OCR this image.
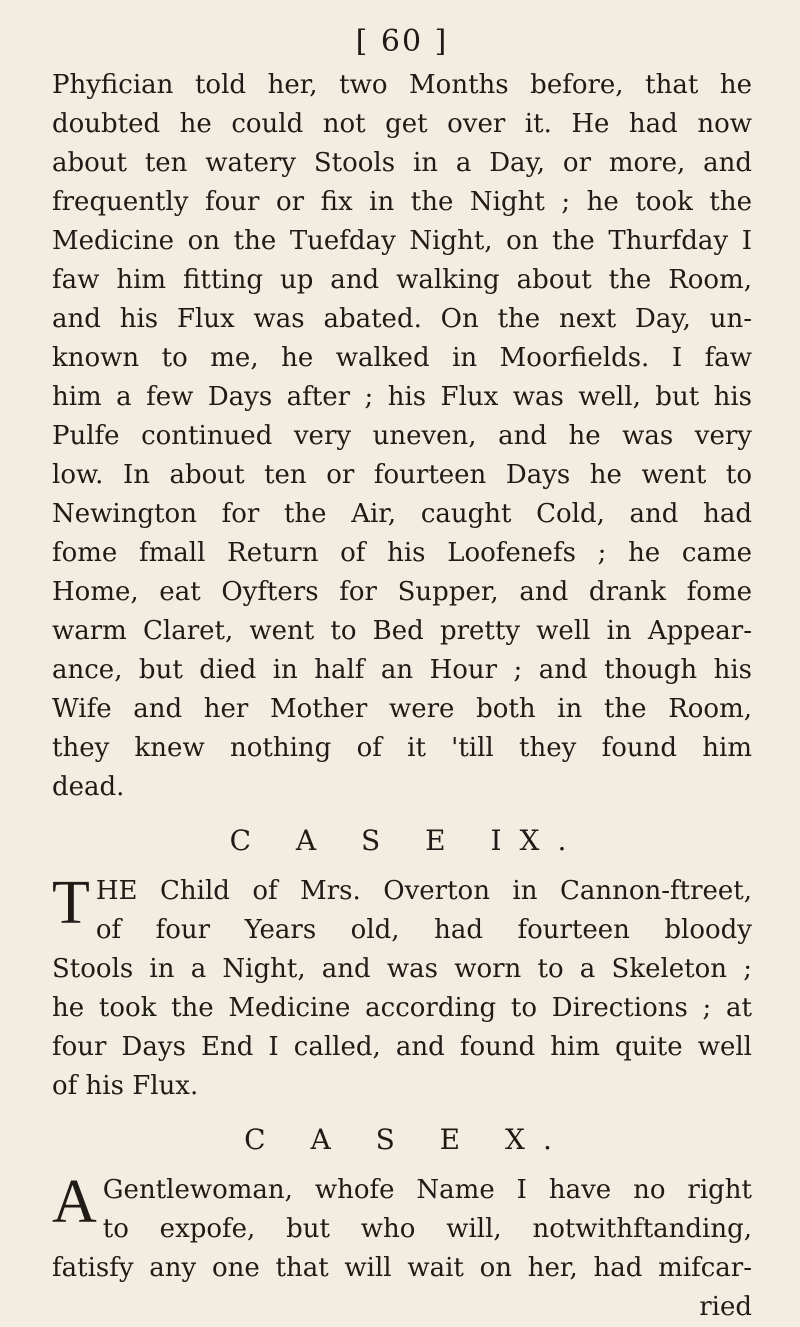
[ 60 ]
Phyfician told her, two Months before, that he
doubted he could not get over it. He had now
about ten watery Stools in a Day, or more, and
frequently four or fix in the Night ; he took the
Medicine on the Tuefday Night, on the Thurfday I
faw him fitting up and walking about the Room,
and his Flux was abated. On the next Day, un-
known to me, he walked in Moorfields. I faw
him a few Days after ; his Flux was well, but his
Pulfe continued very uneven, and he was very
low. In about ten or fourteen Days he went to
Newington for the Air, caught Cold, and had
fome fmall Return of his Loofenefs ; he came
Home, eat Oyfters for Supper, and drank fome
warm Claret, went to Bed pretty well in Appear-
ance, but died in half an Hour ; and though his
Wife and her Mother were both in the Room,
they knew nothing of it 'till they found him
dead.
C A S E IX.
T HE Child of Mrs. Overton in Cannon-ftreet,
of four Years old, had fourteen bloody
Stools in a Night, and was worn to a Skeleton ;
he took the Medicine according to Directions ; at
four Days End I called, and found him quite well
of his Flux.
C A S E X.
A Gentlewoman, whofe Name I have no right
to expofe, but who will, notwithftanding,
fatisfy any one that will wait on her, had mifcar-
ried
